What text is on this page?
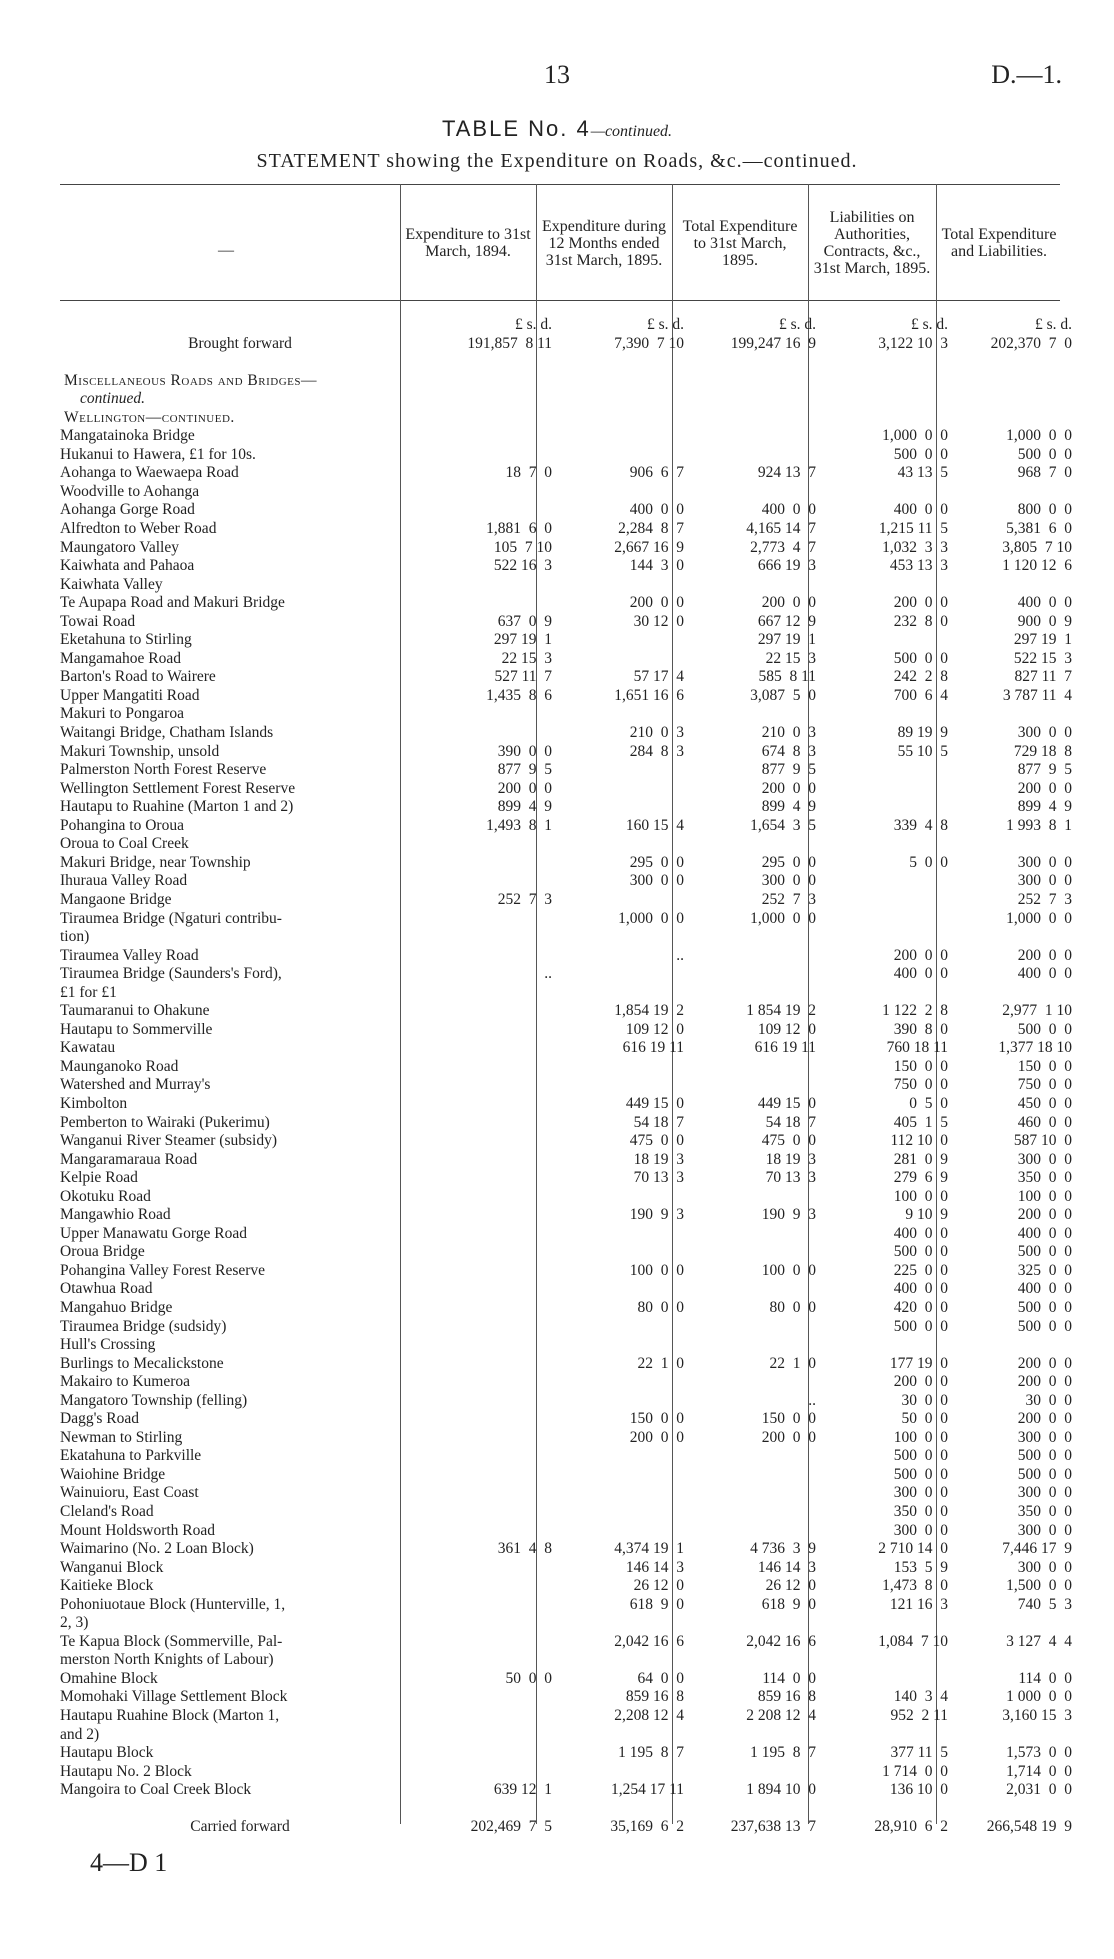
13	D.—1.
TABLE No. 4—continued.
STATEMENT showing the Expenditure on Roads, &c.—continued.
—
Expenditure to 31st March, 1894.
Expenditure during 12 Months ended 31st March, 1895.
Total Expenditure to 31st March, 1895.
Liabilities on Authorities, Contracts, &c., 31st March, 1895.
Total Expenditure and Liabilities.
	£ s. d.	£ s. d.	£ s. d.	£ s. d.	£ s. d.
Brought forward	191,857  8 11	7,390  7 10	199,247 16  9	3,122 10  3	202,370  7  0

Miscellaneous Roads and Bridges—					
continued.					
Wellington—continued.					
Mangatainoka Bridge				1,000  0  0	1,000  0  0
Hukanui to Hawera, £1 for 10s.				500  0  0	500  0  0
Aohanga to Waewaepa Road	18  7  0	906  6  7	924 13  7	43 13  5	968  7  0
Woodville to Aohanga					
Aohanga Gorge Road		400  0  0	400  0  0	400  0  0	800  0  0
Alfredton to Weber Road	1,881  6  0	2,284  8  7	4,165 14  7	1,215 11  5	5,381  6  0
Maungatoro Valley	105  7 10	2,667 16  9	2,773  4  7	1,032  3  3	3,805  7 10
Kaiwhata and Pahaoa	522 16  3	144  3  0	666 19  3	453 13  3	1 120 12  6
Kaiwhata Valley					
Te Aupapa Road and Makuri Bridge		200  0  0	200  0  0	200  0  0	400  0  0
Towai Road	637  0  9	30 12  0	667 12  9	232  8  0	900  0  9
Eketahuna to Stirling	297 19  1		297 19  1		297 19  1
Mangamahoe Road	22 15  3		22 15  3	500  0  0	522 15  3
Barton's Road to Wairere	527 11  7	57 17  4	585  8 11	242  2  8	827 11  7
Upper Mangatiti Road	1,435  8  6	1,651 16  6	3,087  5  0	700  6  4	3 787 11  4
Makuri to Pongaroa					
Waitangi Bridge, Chatham Islands		210  0  3	210  0  3	89 19  9	300  0  0
Makuri Township, unsold	390  0  0	284  8  3	674  8  3	55 10  5	729 18  8
Palmerston North Forest Reserve	877  9  5		877  9  5		877  9  5
Wellington Settlement Forest Reserve	200  0  0		200  0  0		200  0  0
Hautapu to Ruahine (Marton 1 and 2)	899  4  9		899  4  9		899  4  9
Pohangina to Oroua	1,493  8  1	160 15  4	1,654  3  5	339  4  8	1 993  8  1
Oroua to Coal Creek					
Makuri Bridge, near Township		295  0  0	295  0  0	5  0  0	300  0  0
Ihuraua Valley Road		300  0  0	300  0  0		300  0  0
Mangaone Bridge	252  7  3		252  7  3		252  7  3
Tiraumea Bridge (Ngaturi contribu-		1,000  0  0	1,000  0  0		1,000  0  0
tion)					
Tiraumea Valley Road		..		200  0  0	200  0  0
Tiraumea Bridge (Saunders's Ford),	..			400  0  0	400  0  0
£1 for £1					
Taumaranui to Ohakune		1,854 19  2	1 854 19  2	1 122  2  8	2,977  1 10
Hautapu to Sommerville		109 12  0	109 12  0	390  8  0	500  0  0
Kawatau		616 19 11	616 19 11	760 18 11	1,377 18 10
Maunganoko Road				150  0  0	150  0  0
Watershed and Murray's				750  0  0	750  0  0
Kimbolton		449 15  0	449 15  0	0  5  0	450  0  0
Pemberton to Wairaki (Pukerimu)		54 18  7	54 18  7	405  1  5	460  0  0
Wanganui River Steamer (subsidy)		475  0  0	475  0  0	112 10  0	587 10  0
Mangaramaraua Road		18 19  3	18 19  3	281  0  9	300  0  0
Kelpie Road		70 13  3	70 13  3	279  6  9	350  0  0
Okotuku Road				100  0  0	100  0  0
Mangawhio Road		190  9  3	190  9  3	9 10  9	200  0  0
Upper Manawatu Gorge Road				400  0  0	400  0  0
Oroua Bridge				500  0  0	500  0  0
Pohangina Valley Forest Reserve		100  0  0	100  0  0	225  0  0	325  0  0
Otawhua Road				400  0  0	400  0  0
Mangahuo Bridge		80  0  0	80  0  0	420  0  0	500  0  0
Tiraumea Bridge (sudsidy)				500  0  0	500  0  0
Hull's Crossing					
Burlings to Mecalickstone		22  1  0	22  1  0	177 19  0	200  0  0
Makairo to Kumeroa				200  0  0	200  0  0
Mangatoro Township (felling)			..	30  0  0	30  0  0
Dagg's Road		150  0  0	150  0  0	50  0  0	200  0  0
Newman to Stirling		200  0  0	200  0  0	100  0  0	300  0  0
Ekatahuna to Parkville				500  0  0	500  0  0
Waiohine Bridge				500  0  0	500  0  0
Wainuioru, East Coast				300  0  0	300  0  0
Cleland's Road				350  0  0	350  0  0
Mount Holdsworth Road				300  0  0	300  0  0
Waimarino (No. 2 Loan Block)	361  4  8	4,374 19  1	4 736  3  9	2 710 14  0	7,446 17  9
Wanganui Block		146 14  3	146 14  3	153  5  9	300  0  0
Kaitieke Block		26 12  0	26 12  0	1,473  8  0	1,500  0  0
Pohoniuotaue Block (Hunterville, 1,		618  9  0	618  9  0	121 16  3	740  5  3
2, 3)					
Te Kapua Block (Sommerville, Pal-		2,042 16  6	2,042 16  6	1,084  7 10	3 127  4  4
merston North Knights of Labour)					
Omahine Block	50  0  0	64  0  0	114  0  0		114  0  0
Momohaki Village Settlement Block		859 16  8	859 16  8	140  3  4	1 000  0  0
Hautapu Ruahine Block (Marton 1,		2,208 12  4	2 208 12  4	952  2 11	3,160 15  3
and 2)					
Hautapu Block		1 195  8  7	1 195  8  7	377 11  5	1,573  0  0
Hautapu No. 2 Block				1 714  0  0	1,714  0  0
Mangoira to Coal Creek Block	639 12  1	1,254 17 11	1 894 10  0	136 10  0	2,031  0  0

Carried forward	202,469  7  5	35,169  6  2	237,638 13  7	28,910  6  2	266,548 19  9
4—D 1
